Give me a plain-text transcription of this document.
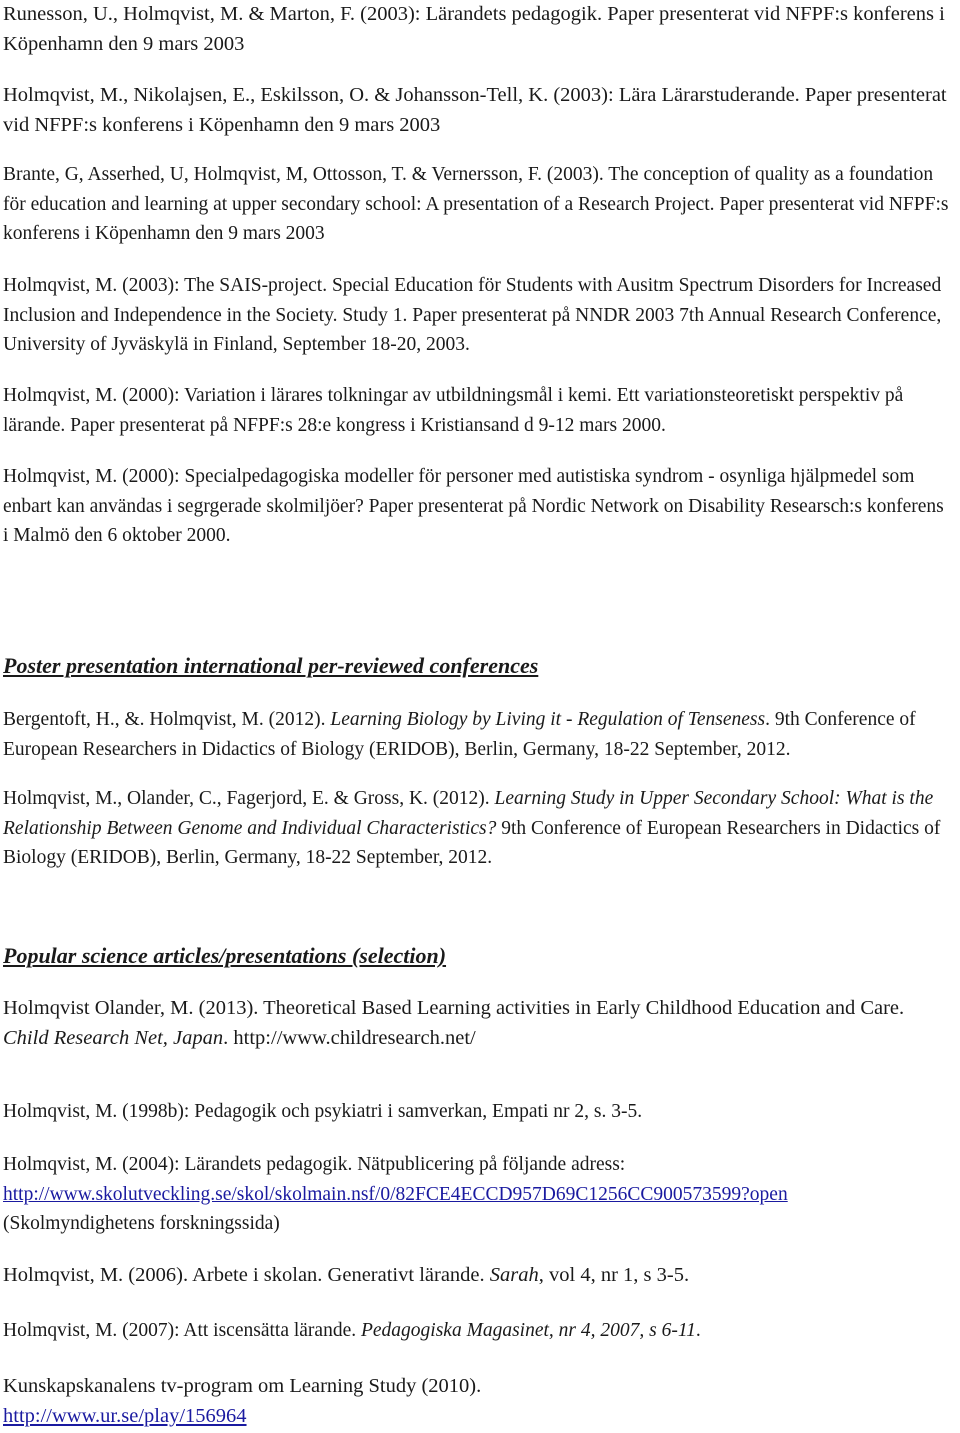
Runesson, U., Holmqvist, M. & Marton, F. (2003): Lärandets pedagogik. Paper presenterat vid NFPF:s konferens i Köpenhamn den 9 mars 2003

Holmqvist, M., Nikolajsen, E., Eskilsson, O. & Johansson-Tell, K. (2003): Lära Lärarstuderande. Paper presenterat vid NFPF:s konferens i Köpenhamn den 9 mars 2003

Brante, G, Asserhed, U, Holmqvist, M, Ottosson, T. & Vernersson, F. (2003). The conception of quality as a foundation för education and learning at upper secondary school: A presentation of a Research Project. Paper presenterat vid NFPF:s konferens i Köpenhamn den 9 mars 2003

Holmqvist, M. (2003): The SAIS-project. Special Education för Students with Ausitm Spectrum Disorders for Increased Inclusion and Independence in the Society. Study 1. Paper presenterat på NNDR 2003 7th Annual Research Conference, University of Jyväskylä in Finland, September 18-20, 2003.

Holmqvist, M. (2000): Variation i lärares tolkningar av utbildningsmål i kemi. Ett variationsteoretiskt perspektiv på lärande. Paper presenterat på NFPF:s 28:e kongress i Kristiansand d 9-12 mars 2000.

Holmqvist, M. (2000): Specialpedagogiska modeller för personer med autistiska syndrom - osynliga hjälpmedel som enbart kan användas i segrgerade skolmiljöer? Paper presenterat på Nordic Network on Disability Researsch:s konferens i Malmö den 6 oktober 2000.

Poster presentation international per-reviewed conferences

Bergentoft, H., &. Holmqvist, M. (2012). Learning Biology by Living it - Regulation of Tenseness. 9th Conference of European Researchers in Didactics of Biology (ERIDOB), Berlin, Germany, 18-22 September, 2012.

Holmqvist, M., Olander, C., Fagerjord, E. & Gross, K. (2012). Learning Study in Upper Secondary School: What is the Relationship Between Genome and Individual Characteristics? 9th Conference of European Researchers in Didactics of Biology (ERIDOB), Berlin, Germany, 18-22 September, 2012.

Popular science articles/presentations (selection)

Holmqvist Olander, M. (2013). Theoretical Based Learning activities in Early Childhood Education and Care. Child Research Net, Japan. http://www.childresearch.net/

Holmqvist, M. (1998b): Pedagogik och psykiatri i samverkan, Empati nr 2, s. 3-5.

Holmqvist, M. (2004): Lärandets pedagogik. Nätpublicering på följande adress:
http://www.skolutveckling.se/skol/skolmain.nsf/0/82FCE4ECCD957D69C1256CC900573599?open
(Skolmyndighetens forskningssida)

Holmqvist, M. (2006). Arbete i skolan. Generativt lärande. Sarah, vol 4, nr 1, s 3-5.

Holmqvist, M. (2007): Att iscensätta lärande. Pedagogiska Magasinet, nr 4, 2007, s 6-11.

Kunskapskanalens tv-program om Learning Study (2010).
http://www.ur.se/play/156964
